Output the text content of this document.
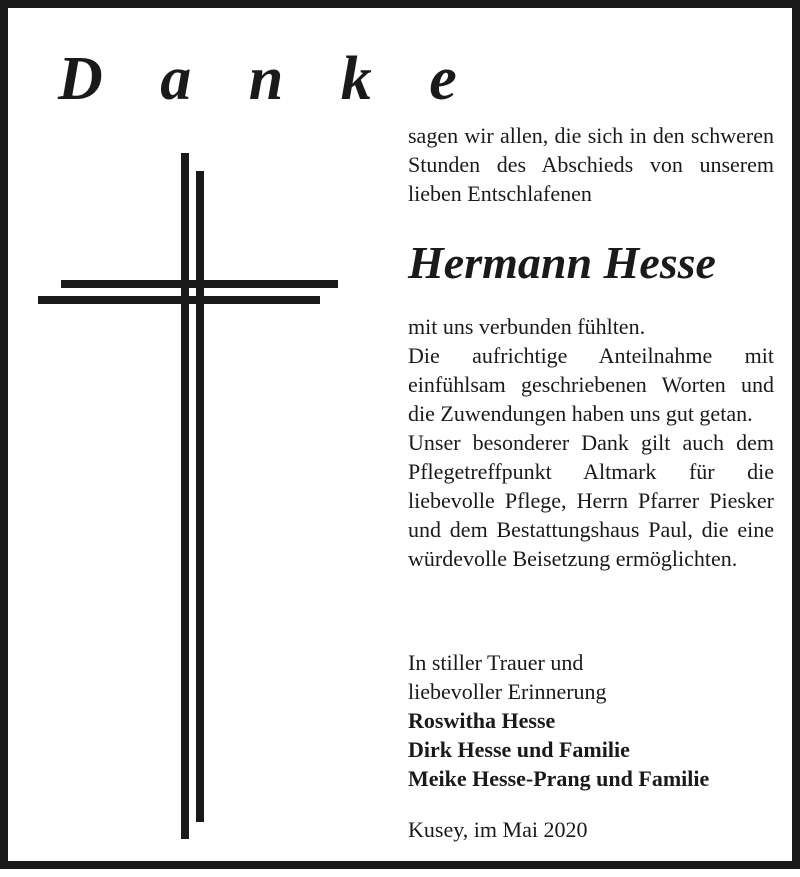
D a n k e

sagen wir allen, die sich in den schweren Stunden des Abschieds von unserem lieben Entschlafenen

Hermann Hesse

mit uns verbunden fühlten.

Die aufrichtige Anteilnahme mit einfühlsam geschriebenen Worten und die Zuwendungen haben uns gut getan.

Unser besonderer Dank gilt auch dem Pflegetreffpunkt Altmark für die liebevolle Pflege, Herrn Pfarrer Piesker und dem Bestattungshaus Paul, die eine würdevolle Beisetzung ermöglichten.

In stiller Trauer und
liebevoller Erinnerung
Roswitha Hesse
Dirk Hesse und Familie
Meike Hesse-Prang und Familie
Kusey, im Mai 2020
